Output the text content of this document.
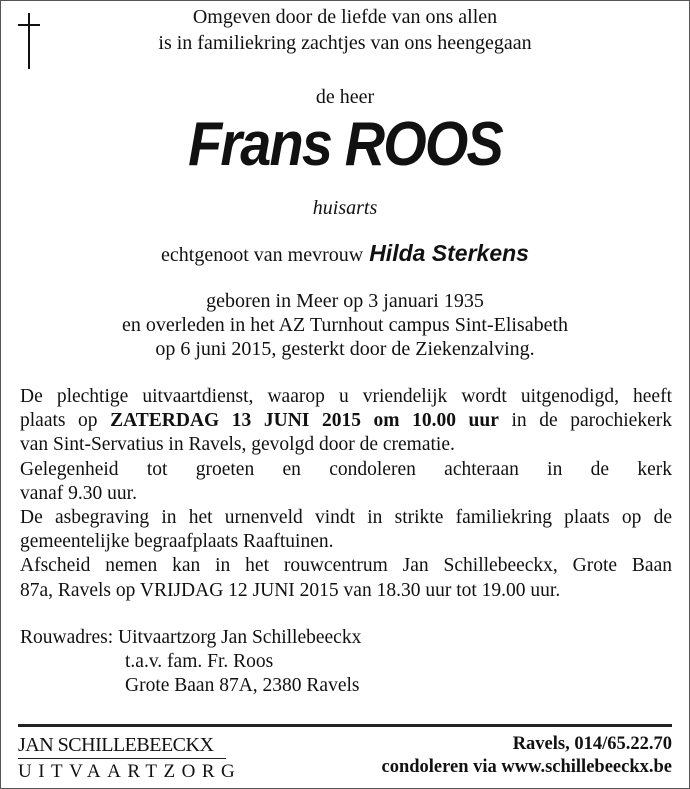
Omgeven door de liefde van ons allen
is in familiekring zachtjes van ons heengegaan
de heer
Frans ROOS
huisarts
echtgenoot van mevrouw Hilda Sterkens
geboren in Meer op 3 januari 1935
en overleden in het AZ Turnhout campus Sint-Elisabeth
op 6 juni 2015, gesterkt door de Ziekenzalving.
De plechtige uitvaartdienst, waarop u vriendelijk wordt uitgenodigd, heeft
plaats op ZATERDAG 13 JUNI 2015 om 10.00 uur in de parochiekerk
van Sint-Servatius in Ravels, gevolgd door de crematie.
Gelegenheid tot groeten en condoleren achteraan in de kerk
vanaf 9.30 uur.
De asbegraving in het urnenveld vindt in strikte familiekring plaats op de
gemeentelijke begraafplaats Raaftuinen.
Afscheid nemen kan in het rouwcentrum Jan Schillebeeckx, Grote Baan
87a, Ravels op VRIJDAG 12 JUNI 2015 van 18.30 uur tot 19.00 uur.
Rouwadres: Uitvaartzorg Jan Schillebeeckx
t.a.v. fam. Fr. Roos
Grote Baan 87A, 2380 Ravels
JAN SCHILLEBEECKX
UITVAARTZORG
Ravels, 014/65.22.70
condoleren via www.schillebeeckx.be
